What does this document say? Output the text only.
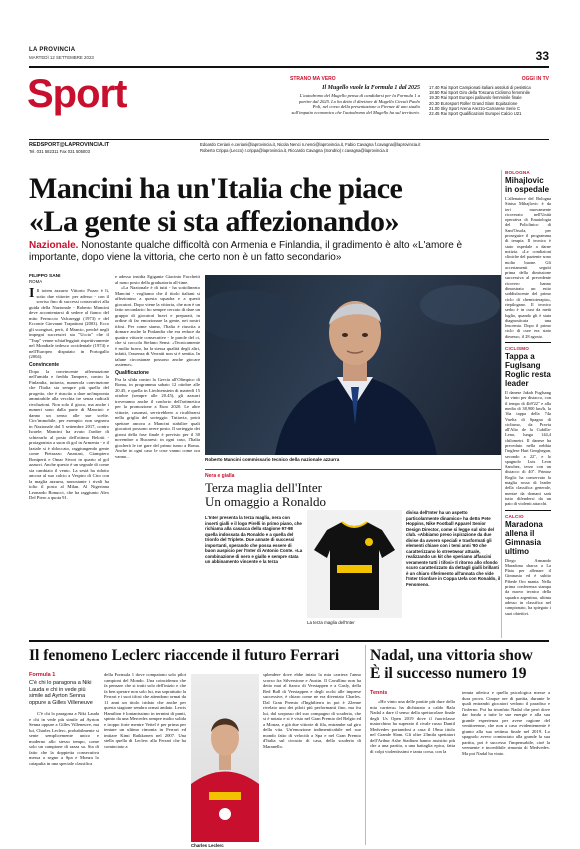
LA PROVINCIA
MARTEDÌ 12 SETTEMBRE 2023	33
Sport	STRANO MA VERO
Il Mugello vuole la Formula 1 dal 2025
L'autodromo del Mugello pensa di candidarsi per la Formula 1 a partire dal 2025. Lo ha detto il direttore di Mugello Circuit Paolo Poli, nel corso della presentazione a Firenze di uno studio sull'impatto economico che l'autodromo del Mugello ha sul territorio.
OGGI IN TV
17.40 Rai Sport Campionati italiani assoluti di pesistica
18.50 Rai Sport Giro della Toscana Ciclismo femminile
19.30 Rai Sport Europei pallavolo femminile finale
20.30 Eurosport Roller Grand Slam Equitazione
21.00 Sky Sport Arena Arezzo-Carrarese Serie C
22.45 Rai Sport Qualificazioni Europei Calcio U21
REDSPORT@LAPROVINCIA.IT
Tel. 031 582311 Fax 031 505003
Edoardo Ceriani e.ceriani@laprovincia.it, Nicola Nenci n.nenci@laprovincia.it, Fabio Cavagna f.cavagna@laprovincia.it
Roberto Crippa (Lecco) r.crippa@laprovincia.it, Riccardo Cavagna (Sondrio) r.cavagna@laprovincia.it
Mancini ha un'Italia che piace
«La gente si sta affezionando»
Nazionale. Nonostante qualche difficoltà con Armenia e Finlandia, il gradimento è alto «L'amore è importante, dopo viene la vittoria, che certo non è un fatto secondario»
FILIPPO SANI
ROMA

I Il totem azzurro Vittorio Pozzo è lì, sotto due vittorie: per adesso - con il sorriso fino di successi consecutivi alla guida della Nazionale - Roberto Mancini deve accontentarsi di sedere al fianco del mito Ferruccio Valcareggi (1973) e del Ecconte Giovanni Trapattoni (2003). Ecco gli scongiuri, però, il Mancio, perché negli impegni successivi sta "Uccio" che il "Trap" venne schiaffeggiati rispettivamente nel Mondiale tedesco occidentale (1974) e nell'Europeo disputato in Portogallo (2004).

Convincente

Dopo la convincente affermazione nell'umida e fredda Tampere, contro la Finlandia, tuttavia, numerola convinzione che l'Italia sia sempre più quella del progetto, che è riuscito a dare un'impronta ammirabile alla vecchia tre senza radicali rivoluzioni. Non solo il gioco, ma anche i numeri sono dalla parte di Mancini: e danno un senso alle sue scelte. Circ'immobile, per esempio: non segnava in Nazionale dal 5 settembre 2017, contro Israele; Mancini ha avuto l'ardire di schierarlo al posto dell'ottimo Belotti - protagonista a suon di gol in Armenia - e il laziale si è sbloccato, raggiungendo gente come Pietrazzo Anastasi, Giampiero Boniperti e Omar Sivori in quarto al gol azzurri. Anche questo è un segnale di come sia cambiato il vento. La sestà ha ridotto ancora al suo calcio a Vespiro di Ciro con la maglia azzurra, nonostante i rivali ha tolto il posto al Milan. Al Nigeriana Leonardo Bonucci, che ha raggiunto Alex Del Piero a quota 91.

e adesso insidia Egigante Giacinto Facchetti al nono posto della graduatoria all-time.

«La Nazionale è di tutti - ha sottolineato Mancini - vogliamo che il titolo italiani si affezionino a questa squadra e a questi giocatori. Dopo viene la vittoria, che non è un fatto secondario: ho sempre cercato di dare un gruppo di giocatori bravi e preparati, in ordine di far emozionare la gente, nei nostri tifosi. Per come siamo, l'Italia è riuscita a domare anche la Finlandia che era reduce da quattro vittorie consecutive - le parole del ct, che si coccola Stefano Sensi: «Tecnicamente è molto bravo, ha la stessa qualità degli altri, infatti, l'assenza di Verratti non si è sentita. In talune circostanze possono anche giocare assieme».

Qualificazione

Fra la sfida contro la Grecia all'Olimpico di Roma, in programma sabato 12 ottobre alle 20.45, e quella in Liechtenstein di martedì 15 ottobre (sempre alle 20.45), gli azzurri troveranno anche il conforto dell'aritmetica per la promozione a Euro 2020. Le altre vittorie, casomai, servirebbero a ricalibrarsi nella griglia del sorteggio. Tuttavia, potrà spettare ancora a Mancini stabilire quali giocatori possono avere posto. Il sorteggio dei gironi della fase finale è previsto per il 30 novembre a Bucarest: in ogni caso, l'Italia giocherà le tre gare del primo turno a Roma. Anche in ogni caso le cose vanno come ora vanno...

Roberto Mancini commissario tecnico della nazionale azzurra
Nera e gialla
Terza maglia dell'Inter
Un omaggio a Ronaldo
L'Inter presenta la terza maglia, nera con inserti gialli e il logo Pirelli in primo piano, che richiama alla casacca della stagione 97-98 quella indossata da Ronaldo e a quella del trionfo del Triplete. Due annate di successi importanti, sperando che possa essere di buon auspicio per l'Inter di Antonio Conte. «La combinazione di nero e giallo e sempre stata un abbinamento vincente e la terza
La terza maglia dell'Inter
divisa dell'Inter ha un aspetto particolarmente dinamico» ha detto Pete Hoppins, Nike Football Apparel Senior Design Director, come si legge sul sito del club. «Abbiamo preso ispirazione da due divise da avvero speciali e trasformati gli elementi chiave con i temi anni '90 che caratterizzano lo streetwear attuale, realizzando un kit che speriamo affascini veramente tutti i tifosi» Il ritorno allo sfondo scuro caratterizzato da dettagli gialli brillanti è un chiaro riferimento all'annata che vide l'Inter trionfare in Coppa Uefa con Ronaldo, il Fenomeno.
BOLOGNA
Mihajlovic in ospedale

L'allenatore del Bologna Sinisa Mihajlovic è da ieri nuovamente ricoverato nell'Unità operativa di Ematologia del Policlinico di Sant'Orsola, per proseguire il programma di terapia. Il tecnico è stato ospedale a darne notizia. «Le condizioni cliniche del paziente sono molto buone. Gli accertamenti seguiti prima della dimissione successiva al precedente ricovero hanno dimostrato un esito soddisfacente del primo ciclo di chemioterapia», riepilogano. Il tecnico serbo è in cura da metà luglio, quando gli è stata diagnosticata una leucemia. Dopo il primo ciclo di cure era stato dimesso, il 28 agosto.

CICLISMO
Tappa a Fuglsang Roglic resta leader

Il danese Jakob Fuglsang ha vinto per distacco, con il tempo di 4h9'22" e alla media di 38,900 km/h, la 16a tappa della 74a Vuelta di Spagna di ciclismo, da Pravia all'Alto de la Cubilla-Lena, lunga 144,4 chilometri. Il danese ha preceduto nella nebbia l'inglese Hart Geoghegan, secondo a 22", e lo spagnolo Luis Leon Sanchez, terzo con un distacco di 40". Primoz Roglic ha conservato la maglia rossa di leader della classifica generale, mentre da domani sarà tutto difendersi da un paio di violenti attacchi.

CALCIO
Maradona allena il Gimnasia ultimo

Diego Armando Maradona sbarca a La Plata per allenare il Gimnasia ed è subito Pibede Oro mania. Nella prima conferenza stampa da nuovo tecnico della squadra argentina, ultima adesso in classifica nel campionato, ha spiegato i suoi obiettivi.

Il fenomeno Leclerc riaccende il futuro Ferrari
Formula 1
C'è chi lo paragona a Niki Lauda e chi in vede più simile ad Ayrton Senna oppure a Gilles Villeneuve

C'è chi lo paragona a Niki Lauda e chi in vede più simile ad Ayrton Senna oppure a Gilles Villeneuve, ma lui, Charles Leclerc, probabilmente si sente semplicemente unico e moderno allo stesso tempo, come solo un campione di razza sa. Sta di fatto che la doppietta consecutiva messa a segno a Spa e Monza lo catapulta in una speciale classifica

della Formula 1 dove compaiono solo pilot campioni del Mondo. Una coincidenza che fa pensare che si tratti solo dell'inizio e che fa ben sperare non solo lui, ma soprattutto la Ferrari e i suoi tifosi che attendono ormai da 11 anni un titolo iridato che anche per questa stagione sembra ormai andato. Lewis Hamilton è lontanissimo in termini di punti, spinto da una Mercedes sempre molto solida e troppo forte mentre Vettel è per prima per tentare un ultimo rimonta in Ferrari ed imitare Kimi Raikkonen nel 2007. Una stella quella di Leclerc alla Ferrari che ha cominciato a

Charles Leclerc

splendere dove ebbe inizio la mia carriera l'anno scorso fra Silverstone e Austin. Il Cavallino non ha detto mai al fianco di Verstappen e a Gasly, della Red Bull di Verstappen e degli occhi alle imprese successive, è chiaro come ne era diventato Charles. Dal Gran Premio d'Inghilterra in poi è 22enne rivelato uno dei piloti più performanti fino, ma fra lui, dal sorpasso del suo compagno di scuderia, che si è notato e si è visto nel Gran Premio del Belgio ed a Monza, e già due vittorie di fila, entrambe sul giro della vita. Un'emozione indimenticabile nel suo mondo fatto di velocità a Spa e nel Gran Premio d'Italia sul circuito di casa, della scuderia di Maranello.

Nadal, una vittoria show
È il successo numero 19
Tennis

«Ho vinto una delle partite più dure della mia carriera» ha dichiarato a caldo Rafa Nadal a dare il senso della spettacolare finale degli Us Open 2019 dove il fuoriclasse maiorchino ha superato il rivale russo Daniil Medvedev portandosi a casa il 19mo titolo nel Grande Slam. Gli oltre 23mila spettatori dell'Arthur Ashe Stadium hanno assistito più che a una partita, a una battaglia epica, fatta di colpi violentissimi e tanta corsa, con la

tenuta atletica e quella psicologica messe a dura prova. Cinque ore di partita, durante le quali entrambi giocatori vedono il paradiso e l'inferno. Poi ha trionfato Nadal che però dove dar fondo a tutte le sue energie e alla sua grande esperienza per avere ragione del ventitreenne, che non a caso evidentemente è giunto alla sua settima finale nel 2019. Lo spagnolo avevo cominciato alla grande la sua partita, poi è successo l'impensabile, cioè la veemente e incredibile rimonta di Medvedev. Ma poi Nadal ha vinto.
